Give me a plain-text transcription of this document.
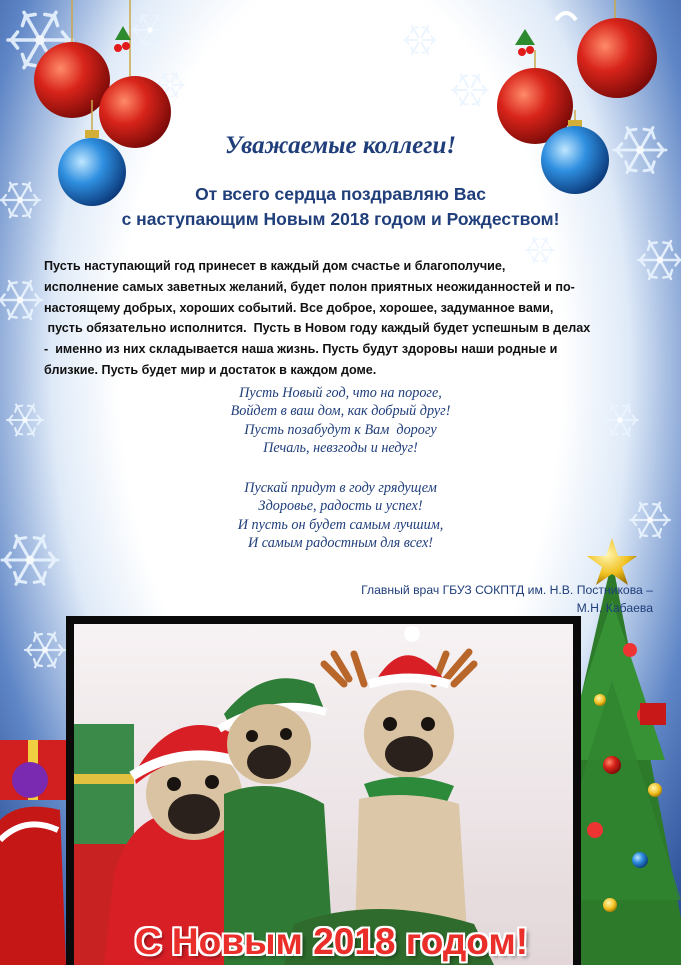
Уважаемые коллеги!
От всего сердца поздравляю Вас
с наступающим Новым 2018 годом и Рождеством!
Пусть наступающий год принесет в каждый дом счастье и благополучие,
исполнение самых заветных желаний, будет полон приятных неожиданностей и по-
настоящему добрых, хороших событий. Все доброе, хорошее, задуманное вами,
пусть обязательно исполнится.  Пусть в Новом году каждый будет успешным в делах
-  именно из них складывается наша жизнь. Пусть будут здоровы наши родные и
близкие. Пусть будет мир и достаток в каждом доме.
Пусть Новый год, что на пороге,
Войдет в ваш дом, как добрый друг!
Пусть позабудут к Вам  дорогу
Печаль, невзгоды и недуг!
Пускай придут в году грядущем
Здоровье, радость и успех!
И пусть он будет самым лучшим,
И самым радостным для всех!
Главный врач ГБУЗ СОКПТД им. Н.В. Постникова –
М.Н. Кабаева
С Новым 2018 годом!
